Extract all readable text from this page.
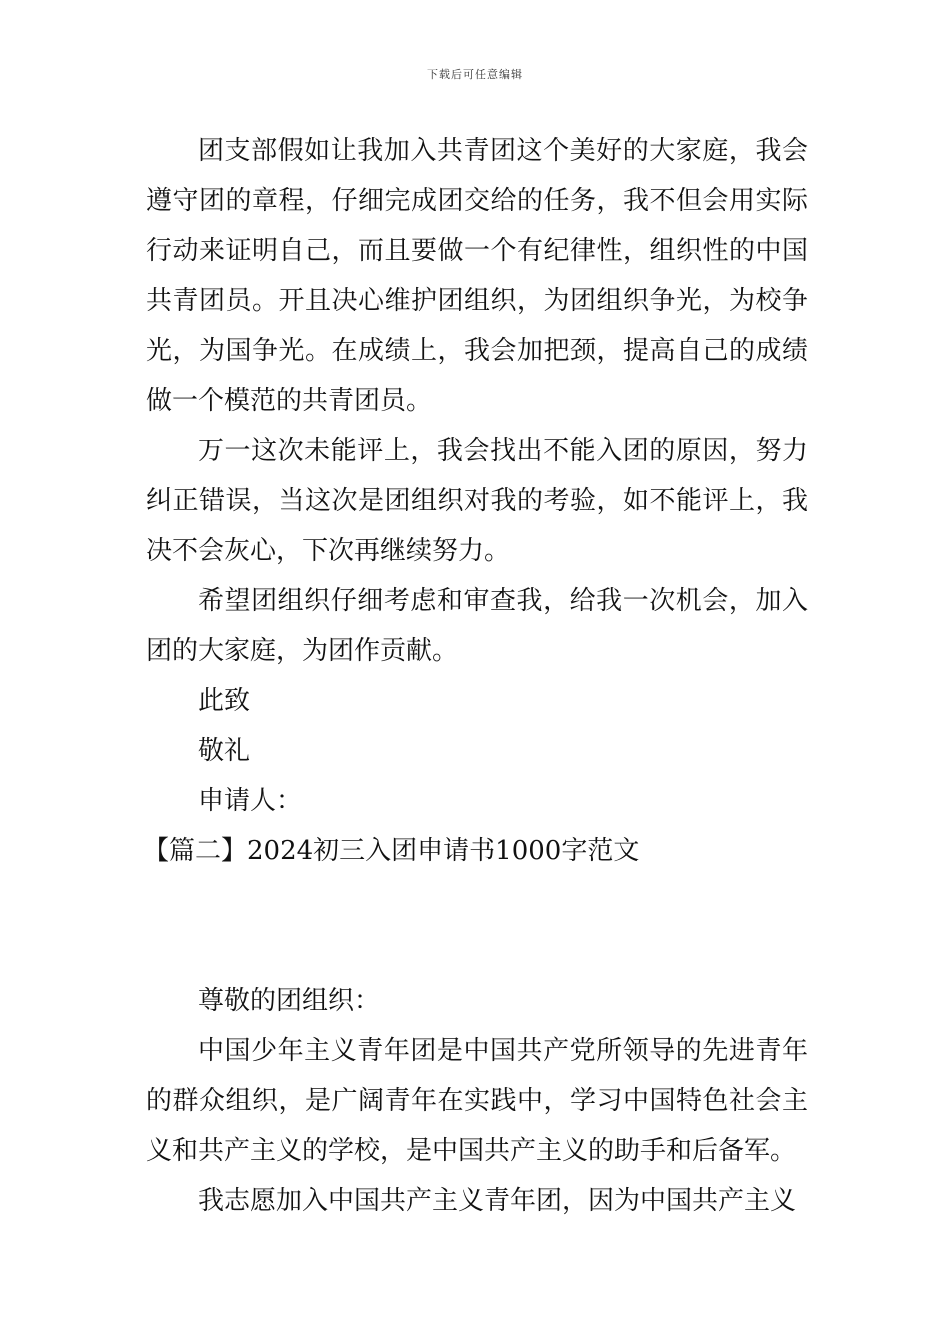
下载后可任意编辑

团支部假如让我加入共青团这个美好的大家庭，我会遵守团的章程，仔细完成团交给的任务，我不但会用实际行动来证明自己，而且要做一个有纪律性，组织性的中国共青团员。开且决心维护团组织，为团组织争光，为校争光，为国争光。在成绩上，我会加把颈，提高自己的成绩做一个模范的共青团员。

万一这次未能评上，我会找出不能入团的原因，努力纠正错误，当这次是团组织对我的考验，如不能评上，我决不会灰心，下次再继续努力。

希望团组织仔细考虑和审查我，给我一次机会，加入团的大家庭，为团作贡献。

此致

敬礼

申请人：

【篇二】2024初三入团申请书1000字范文

尊敬的团组织：

中国少年主义青年团是中国共产党所领导的先进青年的群众组织，是广阔青年在实践中，学习中国特色社会主义和共产主义的学校，是中国共产主义的助手和后备军。

我志愿加入中国共产主义青年团，因为中国共产主义
